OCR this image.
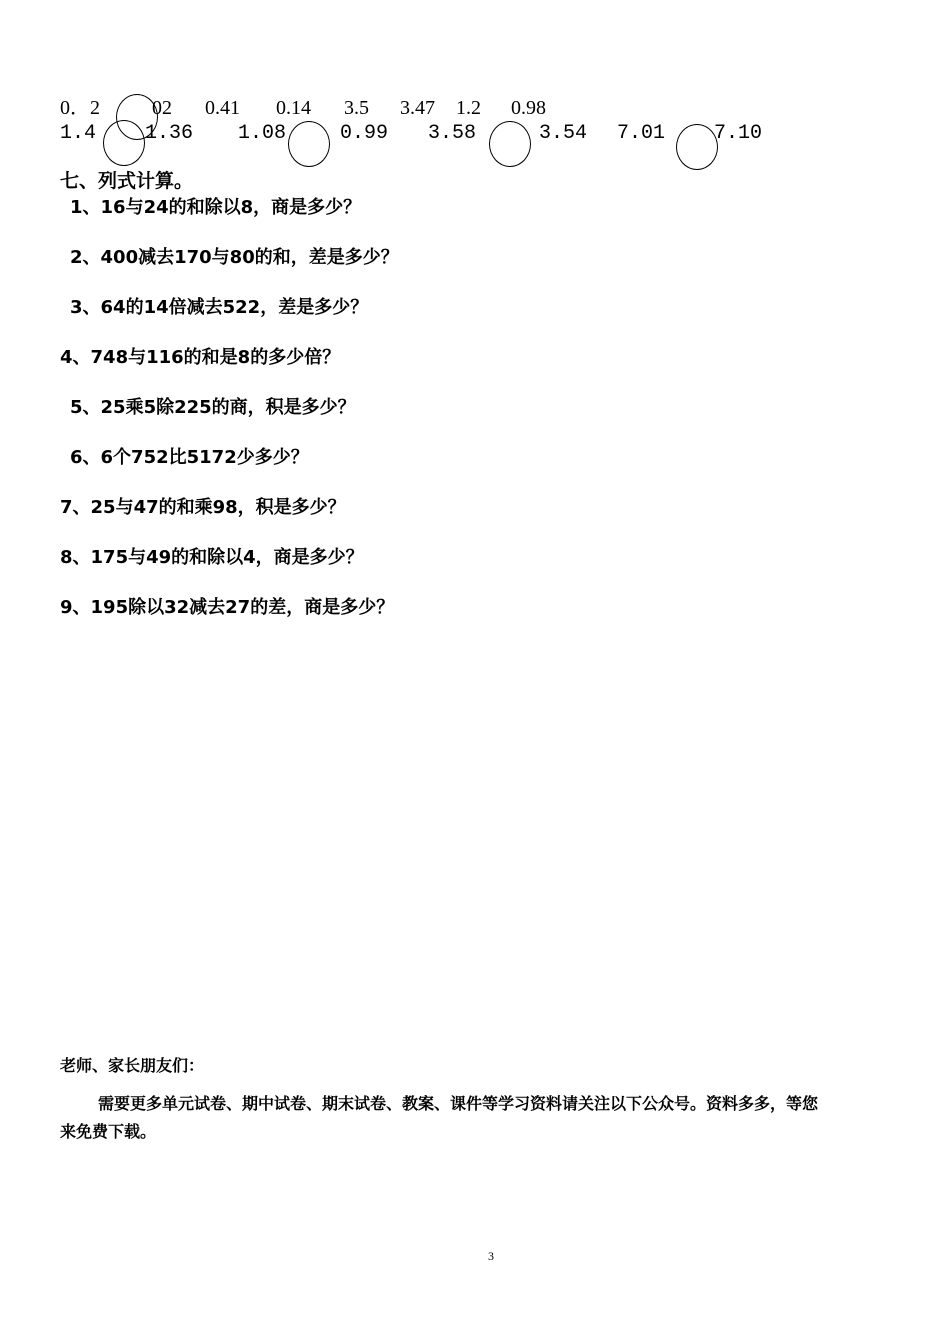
0．2	02 0.41 0.14 3.5 3.47 1.2 0.98
1.4 1.36 1.08	0.99 3.58	3.54 7.01 7.10
七、列式计算。
1、16与24的和除以8，商是多少？
2、400减去170与80的和，差是多少？
3、64的14倍减去522，差是多少？
4、748与116的和是8的多少倍？
5、25乘5除225的商，积是多少？
6、6个752比5172少多少？
7、25与47的和乘98，积是多少？
8、175与49的和除以4，商是多少？
9、195除以32减去27的差，商是多少？
老师、家长朋友们：
需要更多单元试卷、期中试卷、期末试卷、教案、课件等学习资料请关注以下公众号。资料多多，等您
来免费下载。
3
